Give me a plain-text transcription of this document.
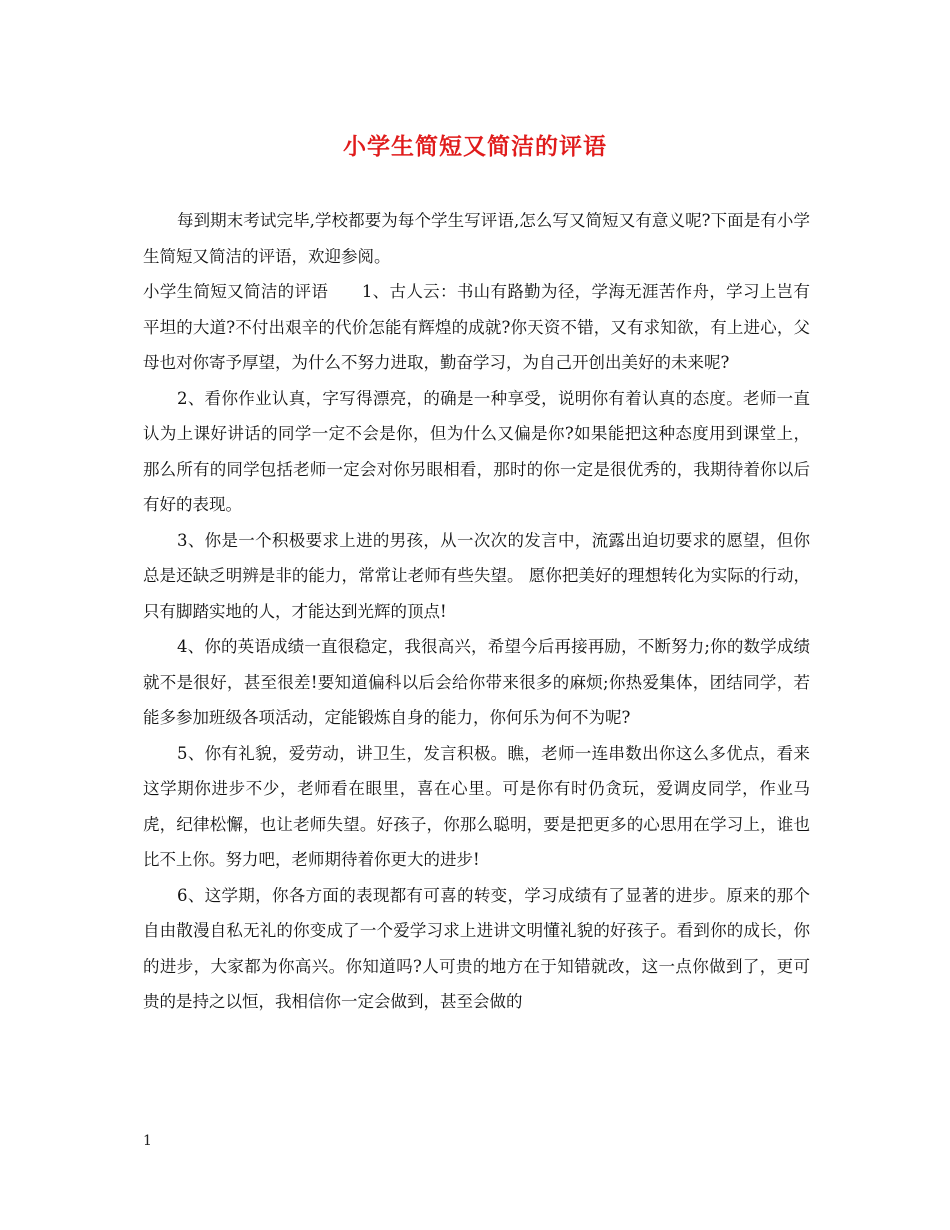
小学生简短又简洁的评语

每到期末考试完毕,学校都要为每个学生写评语,怎么写又简短又有意义呢?下面是有小学生简短又简洁的评语，欢迎参阅。

小学生简短又简洁的评语　　1、古人云：书山有路勤为径，学海无涯苦作舟，学习上岂有平坦的大道?不付出艰辛的代价怎能有辉煌的成就?你天资不错，又有求知欲，有上进心，父母也对你寄予厚望，为什么不努力进取，勤奋学习，为自己开创出美好的未来呢?

2、看你作业认真，字写得漂亮，的确是一种享受，说明你有着认真的态度。老师一直认为上课好讲话的同学一定不会是你，但为什么又偏是你?如果能把这种态度用到课堂上，那么所有的同学包括老师一定会对你另眼相看，那时的你一定是很优秀的，我期待着你以后有好的表现。

3、你是一个积极要求上进的男孩，从一次次的发言中，流露出迫切要求的愿望，但你总是还缺乏明辨是非的能力，常常让老师有些失望。 愿你把美好的理想转化为实际的行动，只有脚踏实地的人，才能达到光辉的顶点!

4、你的英语成绩一直很稳定，我很高兴，希望今后再接再励，不断努力;你的数学成绩就不是很好，甚至很差!要知道偏科以后会给你带来很多的麻烦;你热爱集体，团结同学，若能多参加班级各项活动，定能锻炼自身的能力，你何乐为何不为呢?

5、你有礼貌，爱劳动，讲卫生，发言积极。瞧，老师一连串数出你这么多优点，看来这学期你进步不少，老师看在眼里，喜在心里。可是你有时仍贪玩，爱调皮同学，作业马虎，纪律松懈，也让老师失望。好孩子，你那么聪明，要是把更多的心思用在学习上，谁也比不上你。努力吧，老师期待着你更大的进步!

6、这学期，你各方面的表现都有可喜的转变，学习成绩有了显著的进步。原来的那个自由散漫自私无礼的你变成了一个爱学习求上进讲文明懂礼貌的好孩子。看到你的成长，你的进步，大家都为你高兴。你知道吗?人可贵的地方在于知错就改，这一点你做到了，更可贵的是持之以恒，我相信你一定会做到，甚至会做的

1
